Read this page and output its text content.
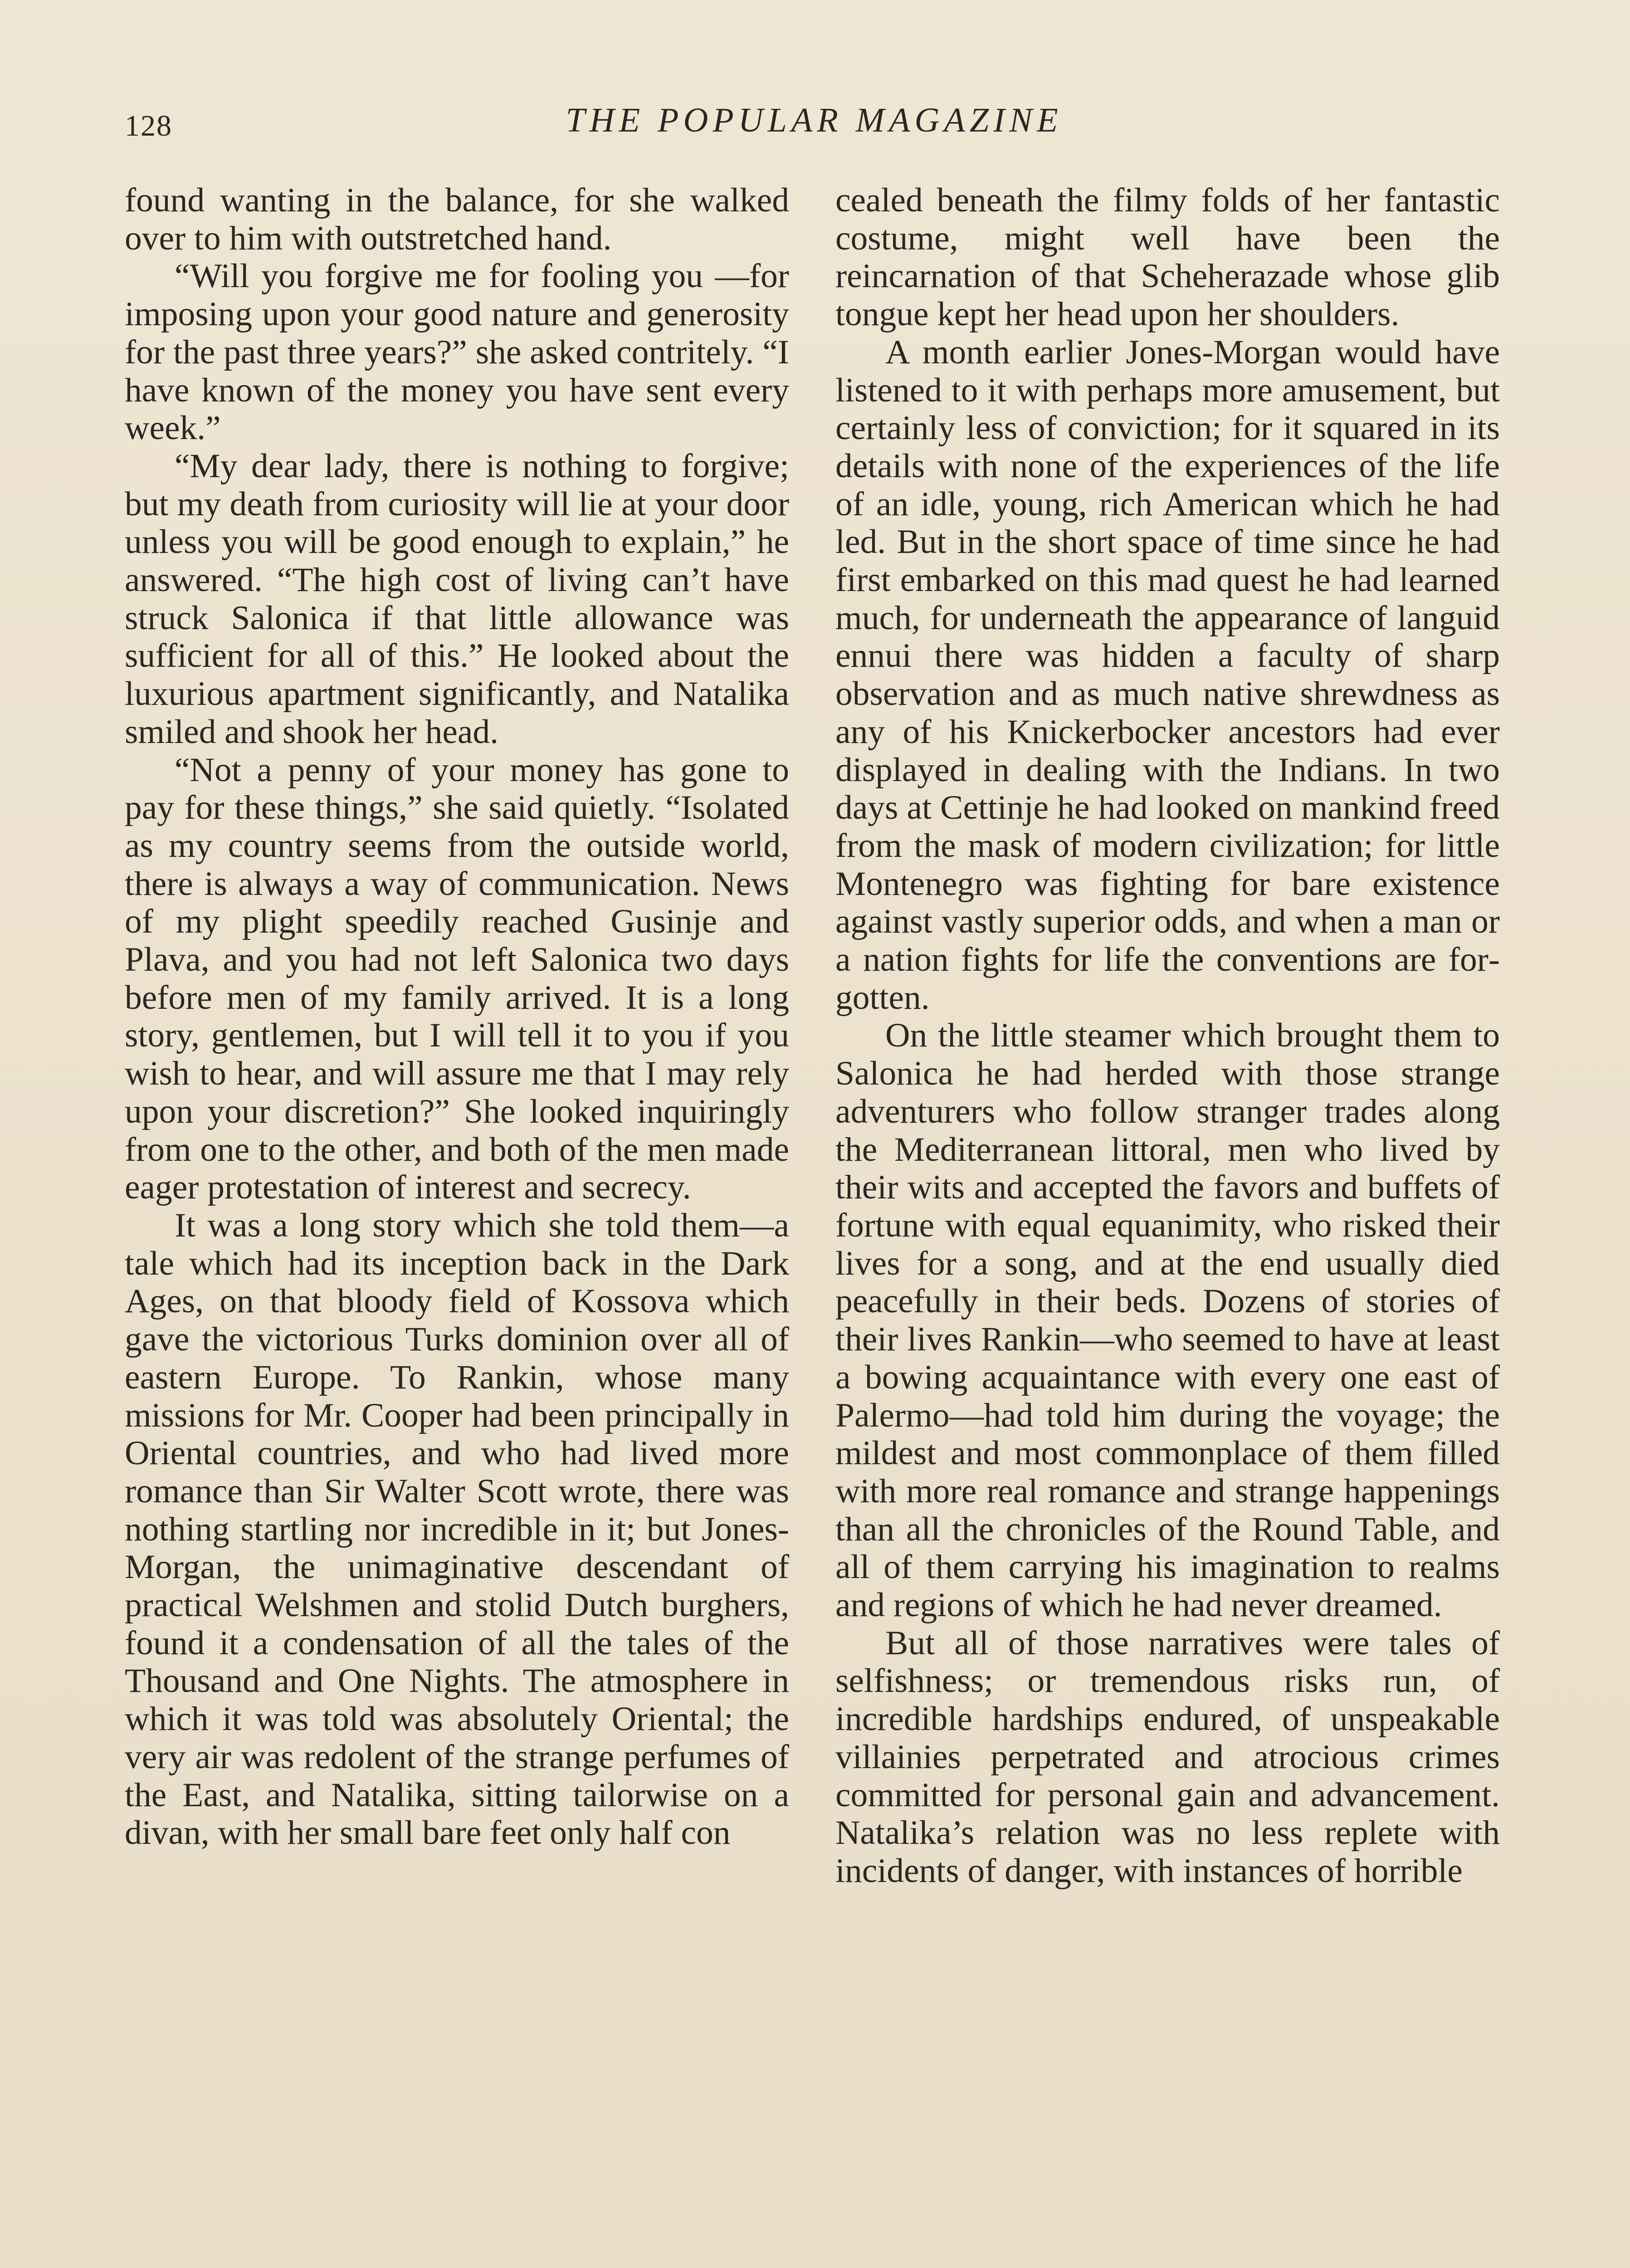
128	THE POPULAR MAGAZINE

found wanting in the balance, for she walked over to him with outstretched hand.

“Will you forgive me for fooling you —for imposing upon your good nature and generosity for the past three years?” she asked contritely. “I have known of the money you have sent every week.”

“My dear lady, there is nothing to forgive; but my death from curiosity will lie at your door unless you will be good enough to explain,” he answered. “The high cost of living can’t have struck Salonica if that little allowance was sufficient for all of this.” He looked about the luxurious apartment significantly, and Natalika smiled and shook her head.

“Not a penny of your money has gone to pay for these things,” she said quietly. “Isolated as my country seems from the outside world, there is always a way of communication. News of my plight speedily reached Gusinje and Plava, and you had not left Salonica two days before men of my family arrived. It is a long story, gentlemen, but I will tell it to you if you wish to hear, and will assure me that I may rely upon your discretion?” She looked inquiringly from one to the other, and both of the men made eager protestation of interest and secrecy.

It was a long story which she told them—a tale which had its inception back in the Dark Ages, on that bloody field of Kossova which gave the victorious Turks dominion over all of eastern Europe. To Rankin, whose many missions for Mr. Cooper had been principally in Oriental countries, and who had lived more romance than Sir Walter Scott wrote, there was nothing startling nor incredible in it; but Jones-Morgan, the unimaginative descendant of practical Welshmen and stolid Dutch burghers, found it a condensation of all the tales of the Thousand and One Nights. The atmosphere in which it was told was absolutely Oriental; the very air was redolent of the strange perfumes of the East, and Natalika, sitting tailorwise on a divan, with her small bare feet only half con

cealed beneath the filmy folds of her fantastic costume, might well have been the reincarnation of that Scheherazade whose glib tongue kept her head upon her shoulders.

A month earlier Jones-Morgan would have listened to it with perhaps more amusement, but certainly less of conviction; for it squared in its details with none of the experiences of the life of an idle, young, rich American which he had led. But in the short space of time since he had first embarked on this mad quest he had learned much, for underneath the appearance of languid ennui there was hidden a faculty of sharp observation and as much native shrewdness as any of his Knickerbocker ancestors had ever displayed in dealing with the Indians. In two days at Cettinje he had looked on mankind freed from the mask of modern civilization; for little Montenegro was fighting for bare existence against vastly superior odds, and when a man or a nation fights for life the conventions are forgotten.

On the little steamer which brought them to Salonica he had herded with those strange adventurers who follow stranger trades along the Mediterranean littoral, men who lived by their wits and accepted the favors and buffets of fortune with equal equanimity, who risked their lives for a song, and at the end usually died peacefully in their beds. Dozens of stories of their lives Rankin—who seemed to have at least a bowing acquaintance with every one east of Palermo—had told him during the voyage; the mildest and most commonplace of them filled with more real romance and strange happenings than all the chronicles of the Round Table, and all of them carrying his imagination to realms and regions of which he had never dreamed.

But all of those narratives were tales of selfishness; or tremendous risks run, of incredible hardships endured, of unspeakable villainies perpetrated and atrocious crimes committed for personal gain and advancement. Natalika’s relation was no less replete with incidents of danger, with instances of horrible
